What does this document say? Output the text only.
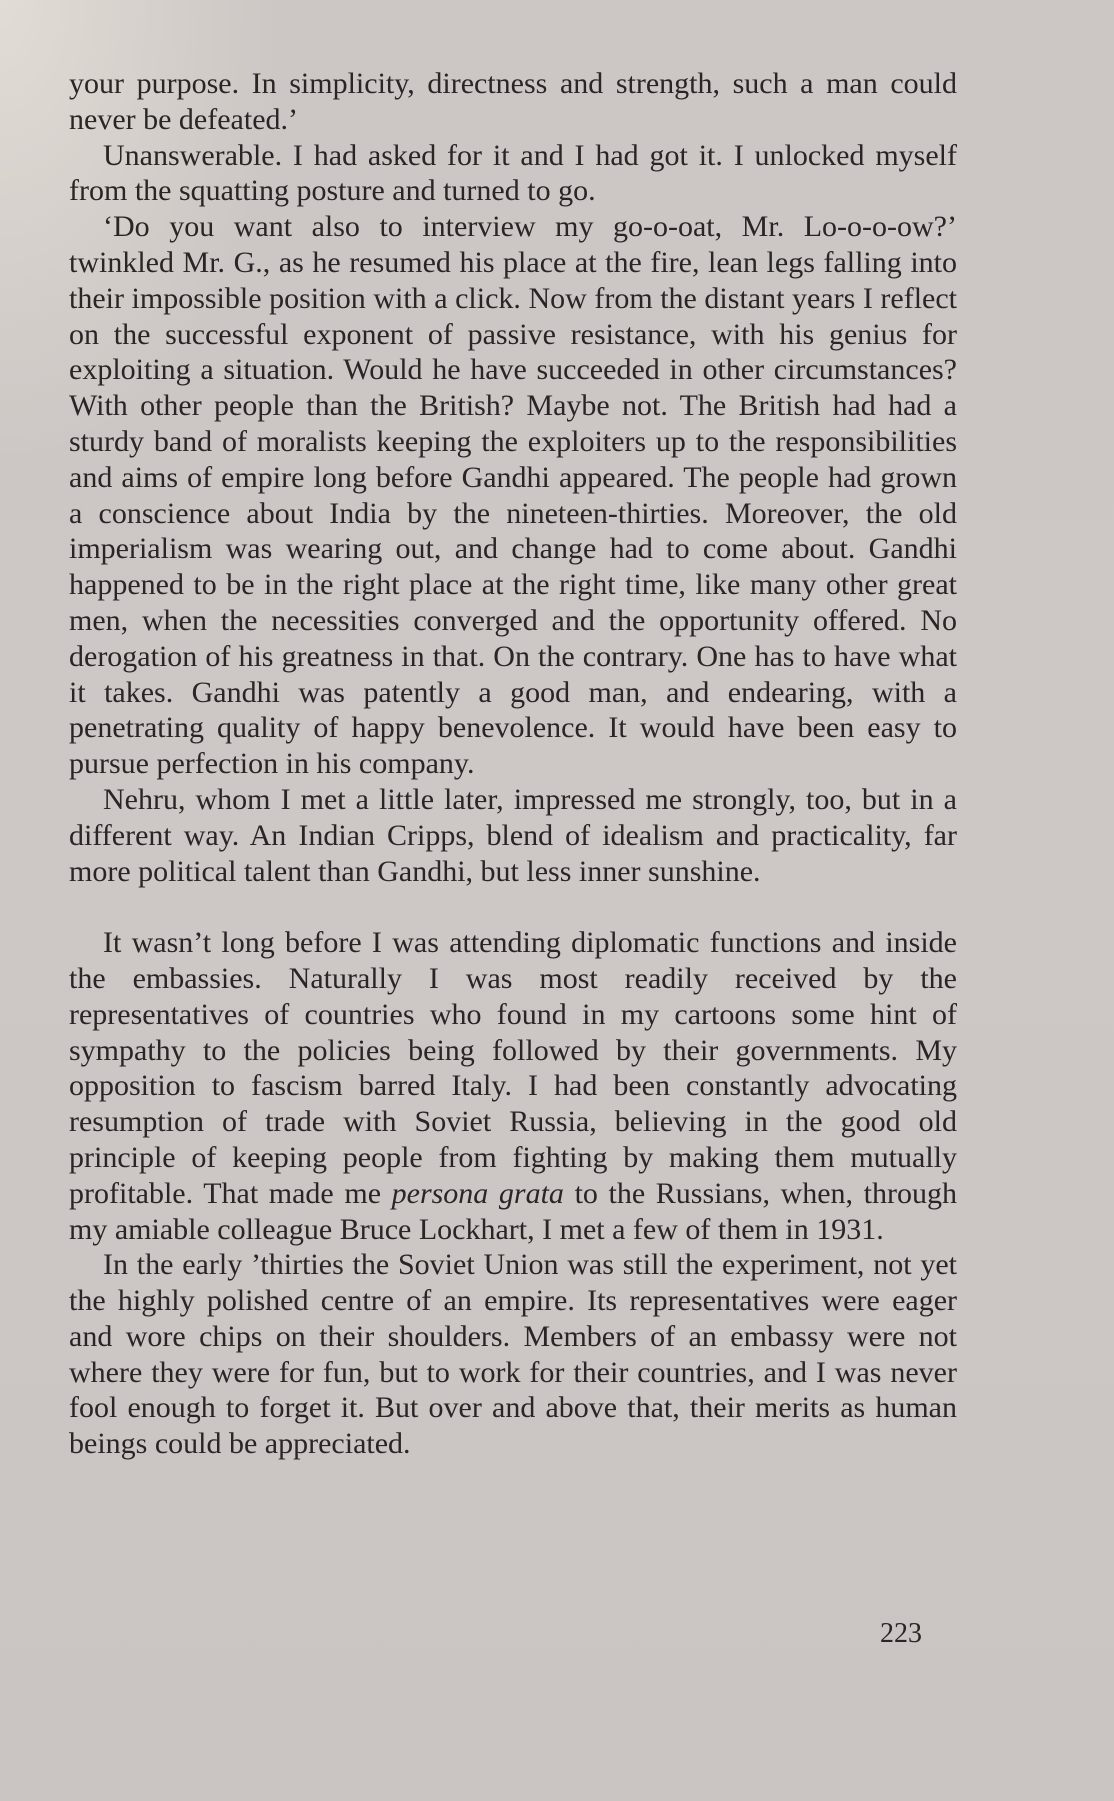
your purpose. In simplicity, directness and strength, such a man could never be defeated.’

Unanswerable. I had asked for it and I had got it. I unlocked myself from the squatting posture and turned to go.

‘Do you want also to interview my go-o-oat, Mr. Lo-o-o-ow?’ twinkled Mr. G., as he resumed his place at the fire, lean legs falling into their impossible position with a click. Now from the distant years I reflect on the successful exponent of passive resistance, with his genius for exploiting a situation. Would he have succeeded in other circumstances? With other people than the British? Maybe not. The British had had a sturdy band of moralists keeping the exploiters up to the responsibilities and aims of empire long before Gandhi appeared. The people had grown a conscience about India by the nineteen-thirties. Moreover, the old imperialism was wearing out, and change had to come about. Gandhi happened to be in the right place at the right time, like many other great men, when the necessities converged and the opportunity offered. No derogation of his greatness in that. On the contrary. One has to have what it takes. Gandhi was patently a good man, and endearing, with a penetrating quality of happy benevolence. It would have been easy to pursue perfection in his company.

Nehru, whom I met a little later, impressed me strongly, too, but in a different way. An Indian Cripps, blend of idealism and practicality, far more political talent than Gandhi, but less inner sunshine.

It wasn’t long before I was attending diplomatic functions and inside the embassies. Naturally I was most readily received by the representatives of countries who found in my cartoons some hint of sympathy to the policies being followed by their governments. My opposition to fascism barred Italy. I had been constantly advocating resumption of trade with Soviet Russia, believing in the good old principle of keeping people from fighting by making them mutually profitable. That made me persona grata to the Russians, when, through my amiable colleague Bruce Lockhart, I met a few of them in 1931.

In the early ’thirties the Soviet Union was still the experiment, not yet the highly polished centre of an empire. Its representatives were eager and wore chips on their shoulders. Members of an embassy were not where they were for fun, but to work for their countries, and I was never fool enough to forget it. But over and above that, their merits as human beings could be appreciated.

223
